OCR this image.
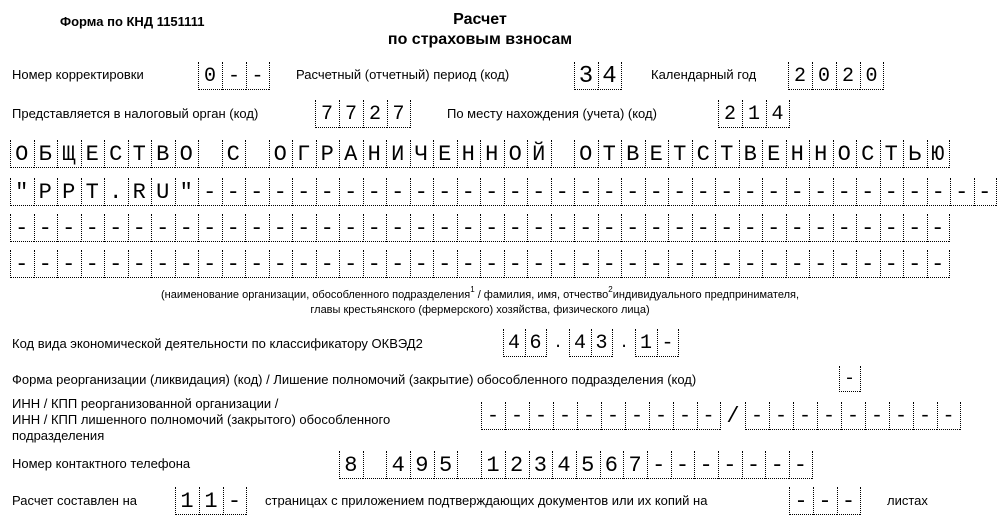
Форма по КНД 1151111	Расчет
по страховым взносам
Номер корректировки	0 - -	Расчетный (отчетный) период (код)	3 4	Календарный год 2 0 2 0
Представляется в налоговый орган (код)	7 7 2 7	По месту нахождения (учета) (код)	2 1 4
О Б Щ Е С Т В О С О Г Р А Н И Ч Е Н Н О Й О Т В Е Т С Т В Е Н Н О С Т Ь Ю
" P P T . R U " - - - - - - - - - - - - - - - - - - - - - - - - - - - - - - - - - -
- - - - - - - - - - - - - - - - - - - - - - - - - - - - - - - - - - - - - - - -
- - - - - - - - - - - - - - - - - - - - - - - - - - - - - - - - - - - - - - - -
(наименование организации, обособленного подразделения$^1$ / фамилия, имя, отчество$^2$индивидуального предпринимателя,
главы крестьянского (фермерского) хозяйства, физического лица)
Код вида экономической деятельности по классификатору ОКВЭД2	4 6 . 4 3 . 1 -
Форма реорганизации (ликвидация) (код) / Лишение полномочий (закрытие) обособленного подразделения (код)	-
ИНН / КПП реорганизованной организации /
ИНН / КПП лишенного полномочий (закрытого) обособленного
подразделения
- - - - - - - - - - / - - - - - - - - -
Номер контактного телефона	8 4 9 5 1 2 3 4 5 6 7 - - - - - - -
Расчет составлен на 1 1 -	страницах с приложением подтверждающих документов или их копий на	- - -	листах
